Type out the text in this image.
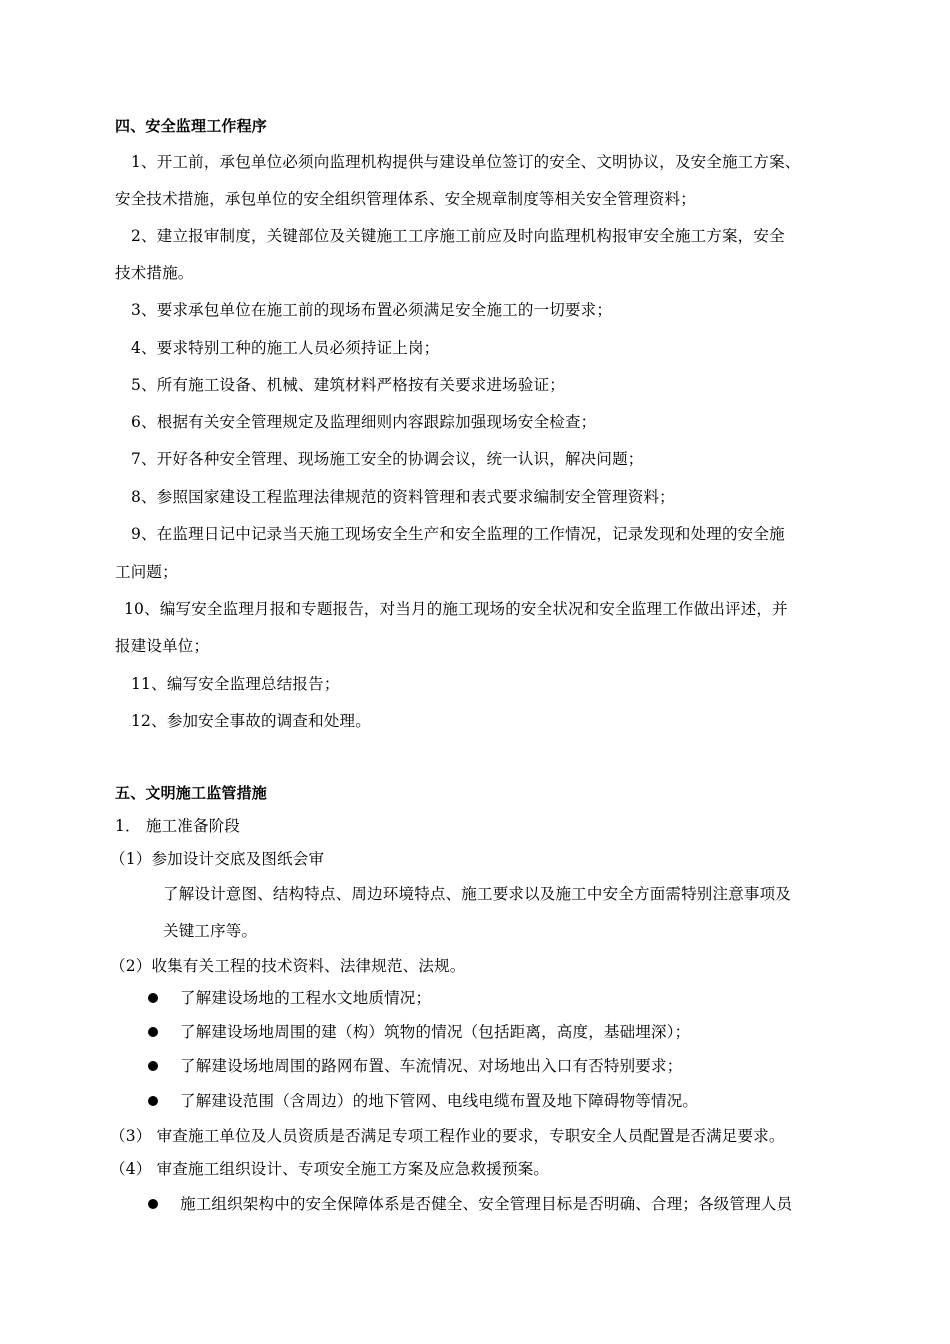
四、安全监理工作程序
1、开工前，承包单位必须向监理机构提供与建设单位签订的安全、文明协议，及安全施工方案、
安全技术措施，承包单位的安全组织管理体系、安全规章制度等相关安全管理资料；
2、建立报审制度，关键部位及关键施工工序施工前应及时向监理机构报审安全施工方案，安全
技术措施。
3、要求承包单位在施工前的现场布置必须满足安全施工的一切要求；
4、要求特别工种的施工人员必须持证上岗；
5、所有施工设备、机械、建筑材料严格按有关要求进场验证；
6、根据有关安全管理规定及监理细则内容跟踪加强现场安全检查；
7、开好各种安全管理、现场施工安全的协调会议，统一认识，解决问题；
8、参照国家建设工程监理法律规范的资料管理和表式要求编制安全管理资料；
9、在监理日记中记录当天施工现场安全生产和安全监理的工作情况，记录发现和处理的安全施
工问题；
10、编写安全监理月报和专题报告，对当月的施工现场的安全状况和安全监理工作做出评述，并
报建设单位；
11、编写安全监理总结报告；
12、参加安全事故的调查和处理。
五、文明施工监管措施
1． 施工准备阶段
（1）参加设计交底及图纸会审
了解设计意图、结构特点、周边环境特点、施工要求以及施工中安全方面需特别注意事项及
关键工序等。
（2）收集有关工程的技术资料、法律规范、法规。
了解建设场地的工程水文地质情况；
了解建设场地周围的建（构）筑物的情况（包括距离，高度，基础埋深）；
了解建设场地周围的路网布置、车流情况、对场地出入口有否特别要求；
了解建设范围（含周边）的地下管网、电线电缆布置及地下障碍物等情况。
（3） 审查施工单位及人员资质是否满足专项工程作业的要求，专职安全人员配置是否满足要求。
（4） 审查施工组织设计、专项安全施工方案及应急救援预案。
施工组织架构中的安全保障体系是否健全、安全管理目标是否明确、合理；各级管理人员
